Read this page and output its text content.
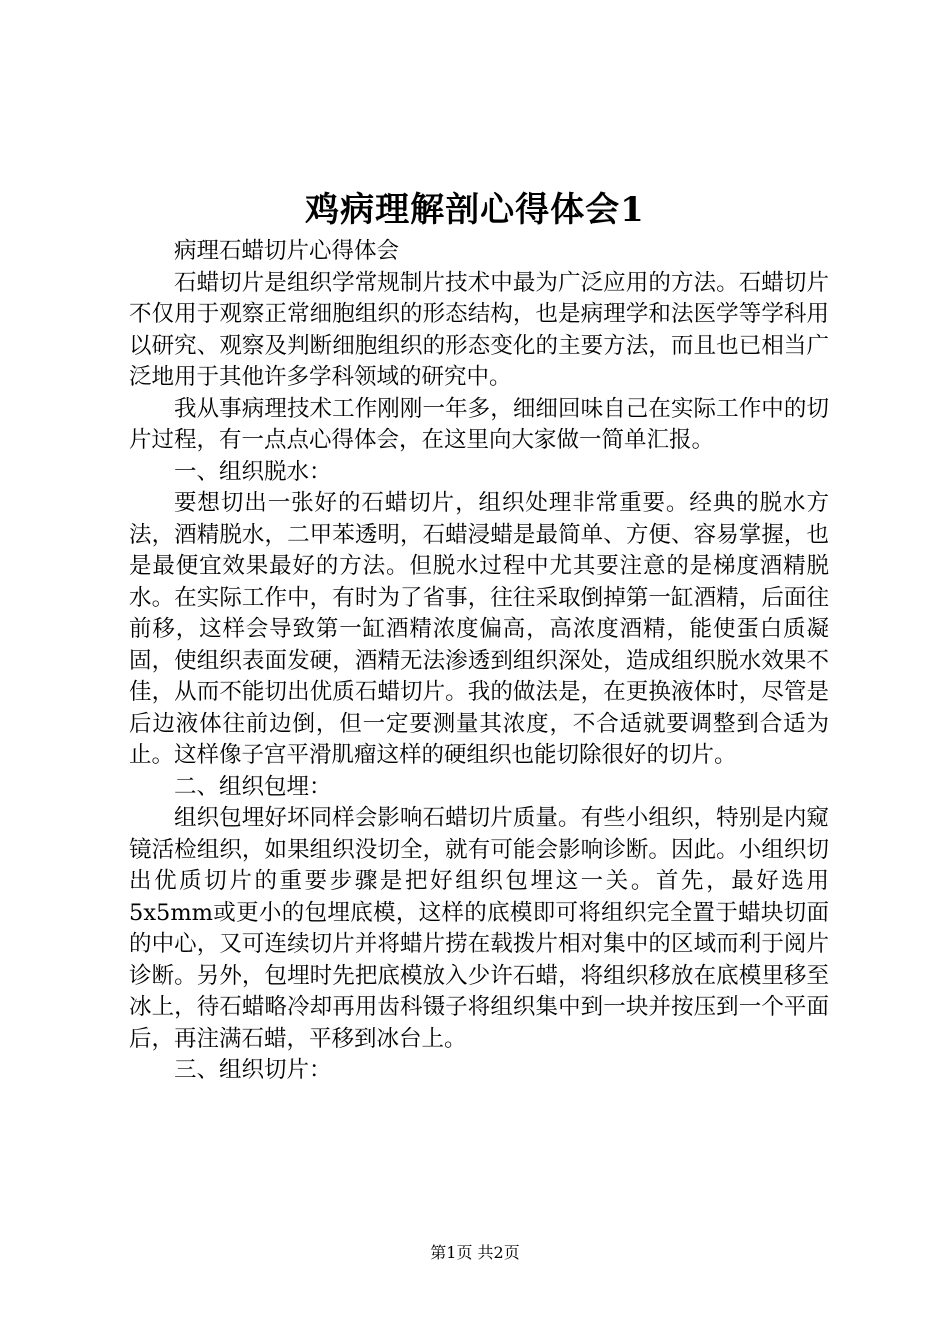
鸡病理解剖心得体会1

病理石蜡切片心得体会

石蜡切片是组织学常规制片技术中最为广泛应用的方法。石蜡切片不仅用于观察正常细胞组织的形态结构，也是病理学和法医学等学科用以研究、观察及判断细胞组织的形态变化的主要方法，而且也已相当广泛地用于其他许多学科领域的研究中。

我从事病理技术工作刚刚一年多，细细回味自己在实际工作中的切片过程，有一点点心得体会，在这里向大家做一简单汇报。

一、组织脱水：

要想切出一张好的石蜡切片，组织处理非常重要。经典的脱水方法，酒精脱水，二甲苯透明，石蜡浸蜡是最简单、方便、容易掌握，也是最便宜效果最好的方法。但脱水过程中尤其要注意的是梯度酒精脱水。在实际工作中，有时为了省事，往往采取倒掉第一缸酒精，后面往前移，这样会导致第一缸酒精浓度偏高，高浓度酒精，能使蛋白质凝固，使组织表面发硬，酒精无法渗透到组织深处，造成组织脱水效果不佳，从而不能切出优质石蜡切片。我的做法是，在更换液体时，尽管是后边液体往前边倒，但一定要测量其浓度，不合适就要调整到合适为止。这样像子宫平滑肌瘤这样的硬组织也能切除很好的切片。

二、组织包埋：

组织包埋好坏同样会影响石蜡切片质量。有些小组织，特别是内窥镜活检组织，如果组织没切全，就有可能会影响诊断。因此。小组织切出优质切片的重要步骤是把好组织包埋这一关。首先，最好选用5x5mm或更小的包埋底模，这样的底模即可将组织完全置于蜡块切面的中心，又可连续切片并将蜡片捞在载拨片相对集中的区域而利于阅片诊断。另外，包埋时先把底模放入少许石蜡，将组织移放在底模里移至冰上，待石蜡略冷却再用齿科镊子将组织集中到一块并按压到一个平面后，再注满石蜡，平移到冰台上。

三、组织切片：

第1页 共2页
